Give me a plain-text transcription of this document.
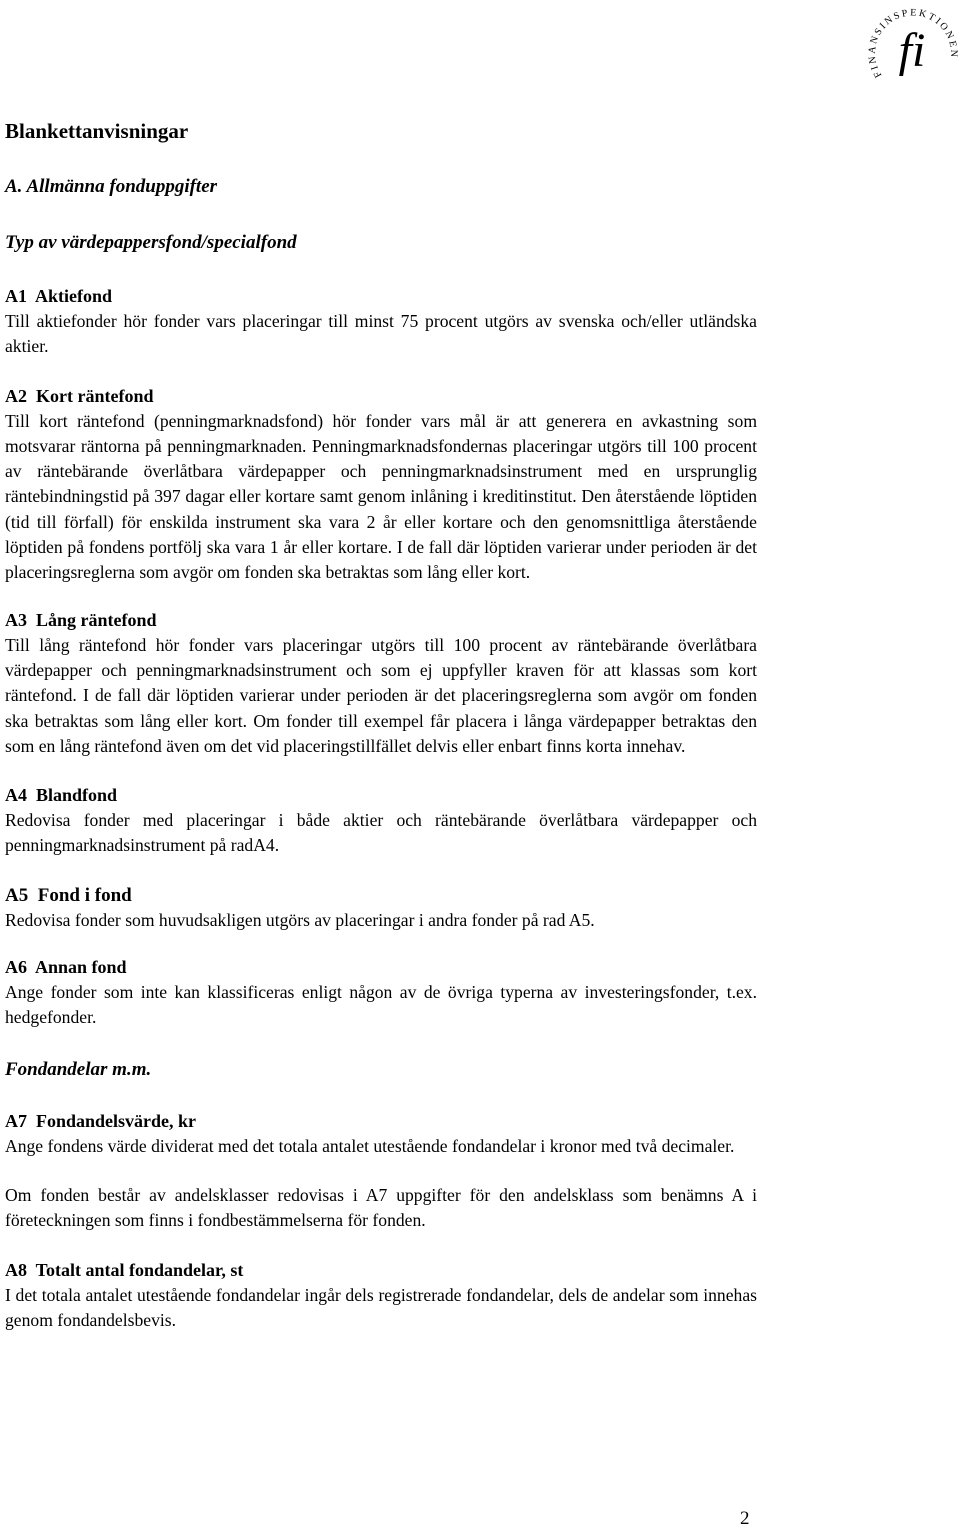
FINANSINSPEKTIONEN
fi
Blankettanvisningar
A. Allmänna fonduppgifter
Typ av värdepappersfond/specialfond

A1  Aktiefond

Till aktiefonder hör fonder vars placeringar till minst 75 procent utgörs av svenska och/eller utländska aktier.

A2  Kort räntefond

Till kort räntefond (penningmarknadsfond) hör fonder vars mål är att generera en avkastning som motsvarar räntorna på penningmarknaden. Penningmarknadsfondernas placeringar utgörs till 100 procent av räntebärande överlåtbara värdepapper och penningmarknadsinstrument med en ursprunglig räntebindningstid på 397 dagar eller kortare samt genom inlåning i kreditinstitut. Den återstående löptiden (tid till förfall) för enskilda instrument ska vara 2 år eller kortare och den genomsnittliga återstående löptiden på fondens portfölj ska vara 1 år eller kortare. I de fall där löptiden varierar under perioden är det placeringsreglerna som avgör om fonden ska betraktas som lång eller kort.

A3  Lång räntefond

Till lång räntefond hör fonder vars placeringar utgörs till 100 procent av räntebärande överlåtbara värdepapper och penningmarknadsinstrument och som ej uppfyller kraven för att klassas som kort räntefond. I de fall där löptiden varierar under perioden är det placeringsreglerna som avgör om fonden ska betraktas som lång eller kort. Om fonder till exempel får placera i långa värdepapper betraktas den som en lång räntefond även om det vid placeringstillfället delvis eller enbart finns korta innehav.

A4  Blandfond

Redovisa fonder med placeringar i både aktier och räntebärande överlåtbara värdepapper och penningmarknadsinstrument på radA4.

A5  Fond i fond

Redovisa fonder som huvudsakligen utgörs av placeringar i andra fonder på rad A5.

A6  Annan fond

Ange fonder som inte kan klassificeras enligt någon av de övriga typerna av investeringsfonder, t.ex. hedgefonder.

Fondandelar m.m.

A7  Fondandelsvärde, kr

Ange fondens värde dividerat med det totala antalet utestående fondandelar i kronor med två decimaler.

Om fonden består av andelsklasser redovisas i A7 uppgifter för den andelsklass som benämns A i företeckningen som finns i fondbestämmelserna för fonden.

A8  Totalt antal fondandelar, st

I det totala antalet utestående fondandelar ingår dels registrerade fondandelar, dels de andelar som innehas genom fondandelsbevis.

2
